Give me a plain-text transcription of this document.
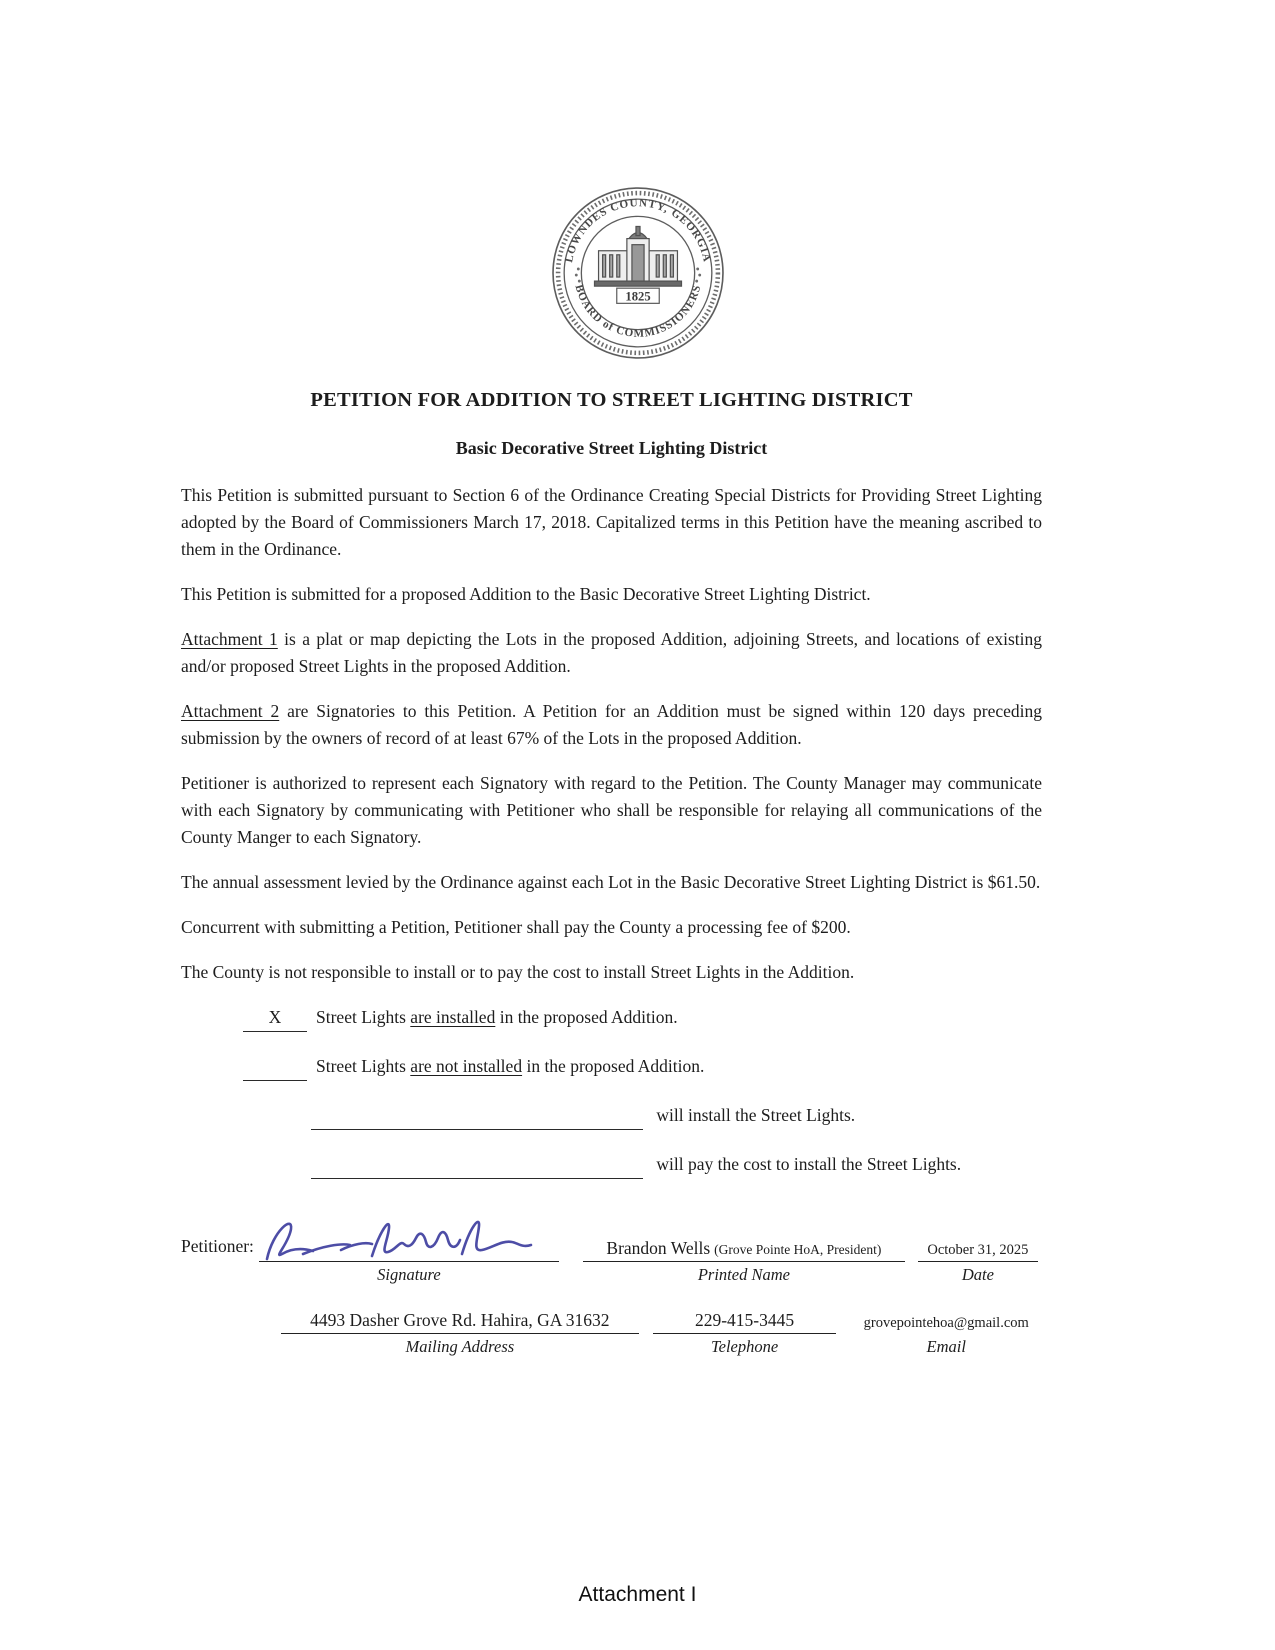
LOWNDES COUNTY, GEORGIA
BOARD of COMMISSIONERS
1825
PETITION FOR ADDITION TO STREET LIGHTING DISTRICT
Basic Decorative Street Lighting District

This Petition is submitted pursuant to Section 6 of the Ordinance Creating Special Districts for Providing Street Lighting adopted by the Board of Commissioners March 17, 2018. Capitalized terms in this Petition have the meaning ascribed to them in the Ordinance.

This Petition is submitted for a proposed Addition to the Basic Decorative Street Lighting District.

Attachment 1 is a plat or map depicting the Lots in the proposed Addition, adjoining Streets, and locations of existing and/or proposed Street Lights in the proposed Addition.

Attachment 2 are Signatories to this Petition. A Petition for an Addition must be signed within 120 days preceding submission by the owners of record of at least 67% of the Lots in the proposed Addition.

Petitioner is authorized to represent each Signatory with regard to the Petition. The County Manager may communicate with each Signatory by communicating with Petitioner who shall be responsible for relaying all communications of the County Manger to each Signatory.

The annual assessment levied by the Ordinance against each Lot in the Basic Decorative Street Lighting District is $61.50.

Concurrent with submitting a Petition, Petitioner shall pay the County a processing fee of $200.

The County is not responsible to install or to pay the cost to install Street Lights in the Addition.

X Street Lights are installed in the proposed Addition.
Street Lights are not installed in the proposed Addition.
will install the Street Lights.
will pay the cost to install the Street Lights.
Petitioner:
Signature
Brandon Wells (Grove Pointe HoA, President)
Printed Name
October 31, 2025
Date
4493 Dasher Grove Rd. Hahira, GA 31632
Mailing Address
229-415-3445
Telephone
grovepointehoa@gmail.com
Email
Attachment I
